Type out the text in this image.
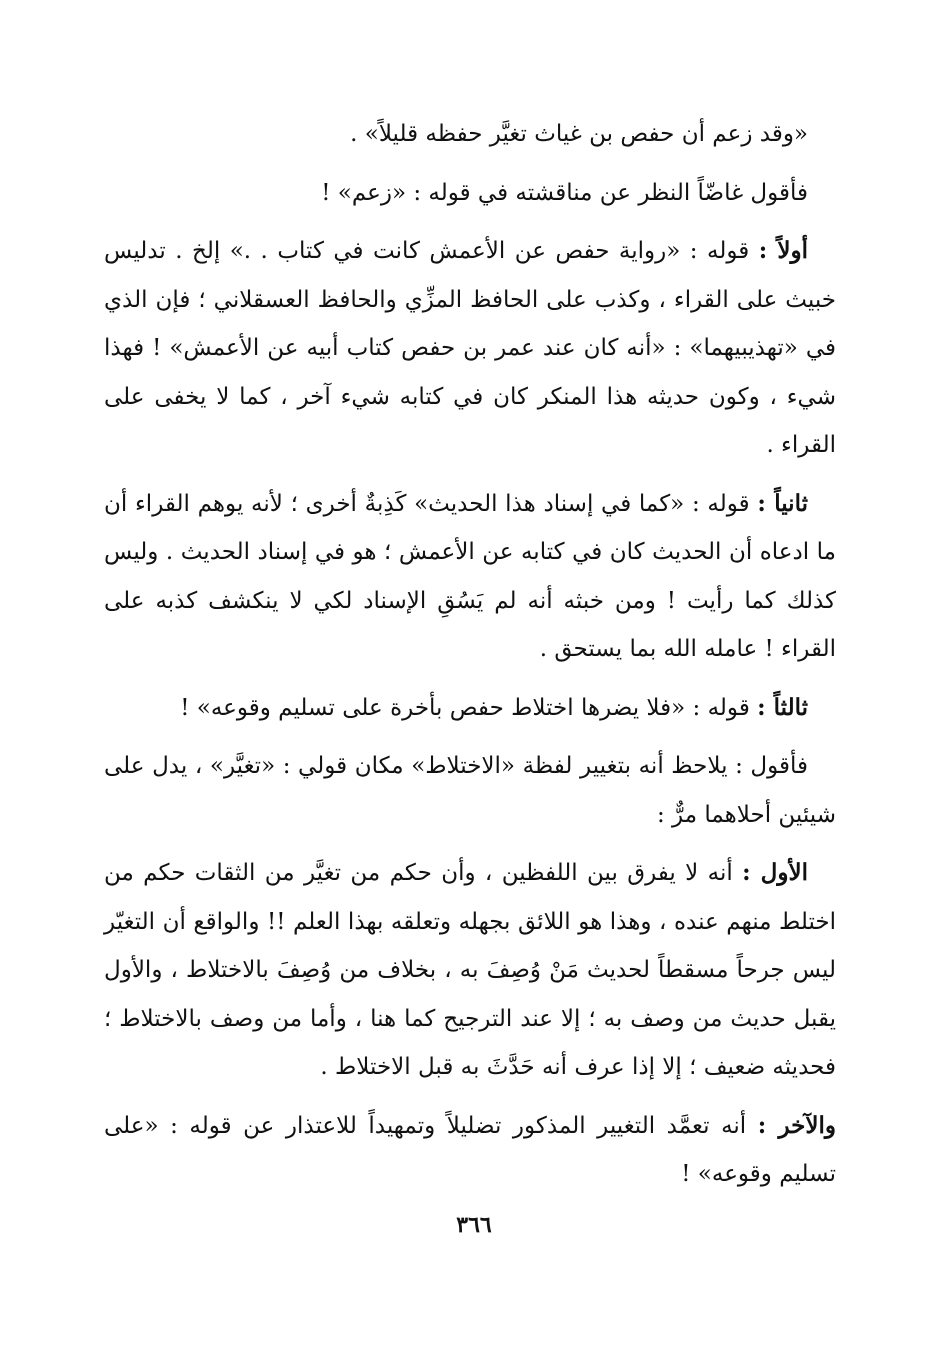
«وقد زعم أن حفص بن غياث تغيَّر حفظه قليلاً» .

فأقول غاضّاً النظر عن مناقشته في قوله : «زعم» !

أولاً : قوله : «رواية حفص عن الأعمش كانت في كتاب . .» إلخ . تدليس خبيث على القراء ، وكذب على الحافظ المزِّي والحافظ العسقلاني ؛ فإن الذي في «تهذيبيهما» : «أنه كان عند عمر بن حفص كتاب أبيه عن الأعمش» ! فهذا شيء ، وكون حديثه هذا المنكر كان في كتابه شيء آخر ، كما لا يخفى على القراء .

ثانياً : قوله : «كما في إسناد هذا الحديث» كَذِبةٌ أخرى ؛ لأنه يوهم القراء أن ما ادعاه أن الحديث كان في كتابه عن الأعمش ؛ هو في إسناد الحديث . وليس كذلك كما رأيت ! ومن خبثه أنه لم يَسُقِ الإسناد لكي لا ينكشف كذبه على القراء ! عامله الله بما يستحق .

ثالثاً : قوله : «فلا يضرها اختلاط حفص بأخرة على تسليم وقوعه» !

فأقول : يلاحظ أنه بتغيير لفظة «الاختلاط» مكان قولي : «تغيَّر» ، يدل على شيئين أحلاهما مرٌّ :

الأول : أنه لا يفرق بين اللفظين ، وأن حكم من تغيَّر من الثقات حكم من اختلط منهم عنده ، وهذا هو اللائق بجهله وتعلقه بهذا العلم !! والواقع أن التغيّر ليس جرحاً مسقطاً لحديث مَنْ وُصِفَ به ، بخلاف من وُصِفَ بالاختلاط ، والأول يقبل حديث من وصف به ؛ إلا عند الترجيح كما هنا ، وأما من وصف بالاختلاط ؛ فحديثه ضعيف ؛ إلا إذا عرف أنه حَدَّثَ به قبل الاختلاط .

والآخر : أنه تعمَّد التغيير المذكور تضليلاً وتمهيداً للاعتذار عن قوله : «على تسليم وقوعه» !

٣٦٦
